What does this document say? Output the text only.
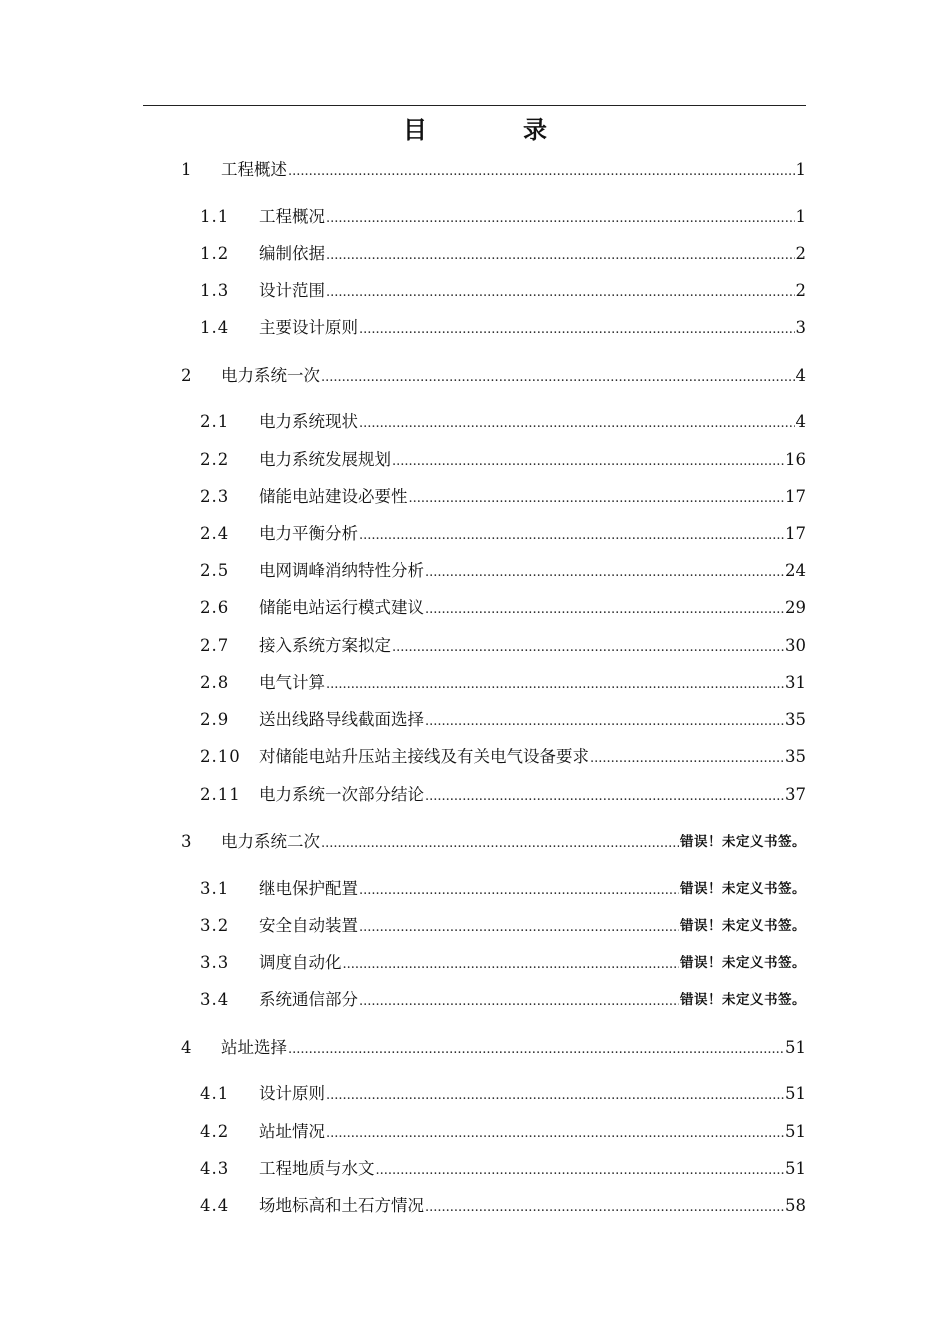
目　录
1 工程概述 .....	1
1.1 工程概况 .....	1
1.2 编制依据 .....	2
1.3 设计范围 .....	2
1.4 主要设计原则 .....	3
2 电力系统一次 .....	4
2.1 电力系统现状 .....	4
2.2 电力系统发展规划 .....	16
2.3 储能电站建设必要性 .....	17
2.4 电力平衡分析 .....	17
2.5 电网调峰消纳特性分析 .....	24
2.6 储能电站运行模式建议 .....	29
2.7 接入系统方案拟定 .....	30
2.8 电气计算 .....	31
2.9 送出线路导线截面选择 .....	35
2.10 对储能电站升压站主接线及有关电气设备要求 .....	35
2.11 电力系统一次部分结论 .....	37
3 电力系统二次 .....	错误！未定义书签。
3.1 继电保护配置 .....	错误！未定义书签。
3.2 安全自动装置 .....	错误！未定义书签。
3.3 调度自动化 .....	错误！未定义书签。
3.4 系统通信部分 .....	错误！未定义书签。
4 站址选择 .....	51
4.1 设计原则 .....	51
4.2 站址情况 .....	51
4.3 工程地质与水文 .....	51
4.4 场地标高和土石方情况 .....	58
